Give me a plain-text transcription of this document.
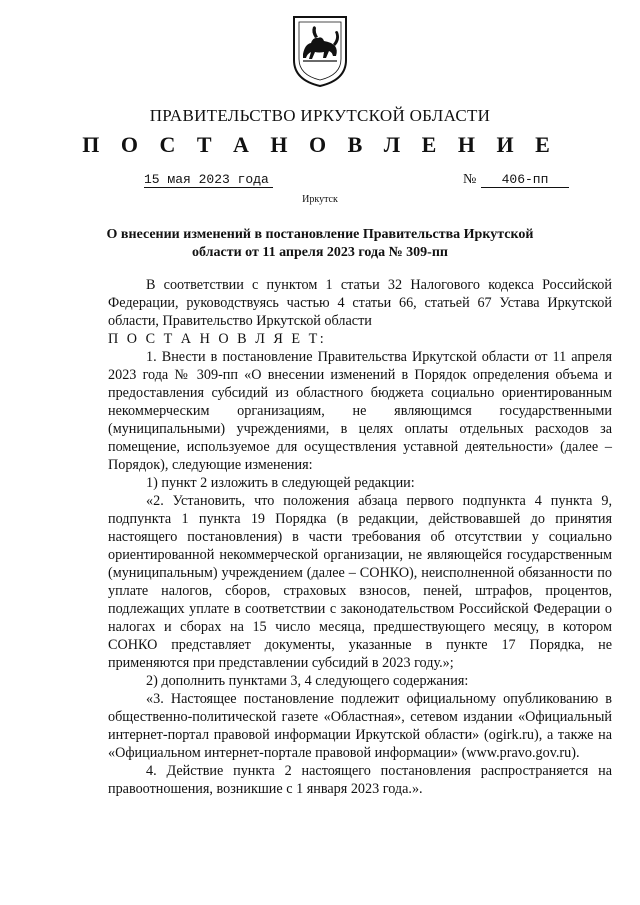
ПРАВИТЕЛЬСТВО ИРКУТСКОЙ ОБЛАСТИ
П О С Т А Н О В Л Е Н И Е
15 мая 2023 года	№	406-пп
Иркутск
О внесении изменений в постановление Правительства Иркутской области от 11 апреля 2023 года № 309-пп

В соответствии с пунктом 1 статьи 32 Налогового кодекса Российской Федерации, руководствуясь частью 4 статьи 66, статьей 67 Устава Иркутской области, Правительство Иркутской области

П О С Т А Н О В Л Я Е Т:

1. Внести в постановление Правительства Иркутской области от 11 апреля 2023 года № 309-пп «О внесении изменений в Порядок определения объема и предоставления субсидий из областного бюджета социально ориентированным некоммерческим организациям, не являющимся государственными (муниципальными) учреждениями, в целях оплаты отдельных расходов за помещение, используемое для осуществления уставной деятельности» (далее – Порядок), следующие изменения:

1) пункт 2 изложить в следующей редакции:

«2. Установить, что положения абзаца первого подпункта 4 пункта 9, подпункта 1 пункта 19 Порядка (в редакции, действовавшей до принятия настоящего постановления) в части требования об отсутствии у социально ориентированной некоммерческой организации, не являющейся государственным (муниципальным) учреждением (далее – СОНКО), неисполненной обязанности по уплате налогов, сборов, страховых взносов, пеней, штрафов, процентов, подлежащих уплате в соответствии с законодательством Российской Федерации о налогах и сборах на 15 число месяца, предшествующего месяцу, в котором СОНКО представляет документы, указанные в пункте 17 Порядка, не применяются при представлении субсидий в 2023 году.»;

2) дополнить пунктами 3, 4 следующего содержания:

«3. Настоящее постановление подлежит официальному опубликованию в общественно-политической газете «Областная», сетевом издании «Официальный интернет-портал правовой информации Иркутской области» (ogirk.ru), а также на «Официальном интернет-портале правовой информации» (www.pravo.gov.ru).

4. Действие пункта 2 настоящего постановления распространяется на правоотношения, возникшие с 1 января 2023 года.».
